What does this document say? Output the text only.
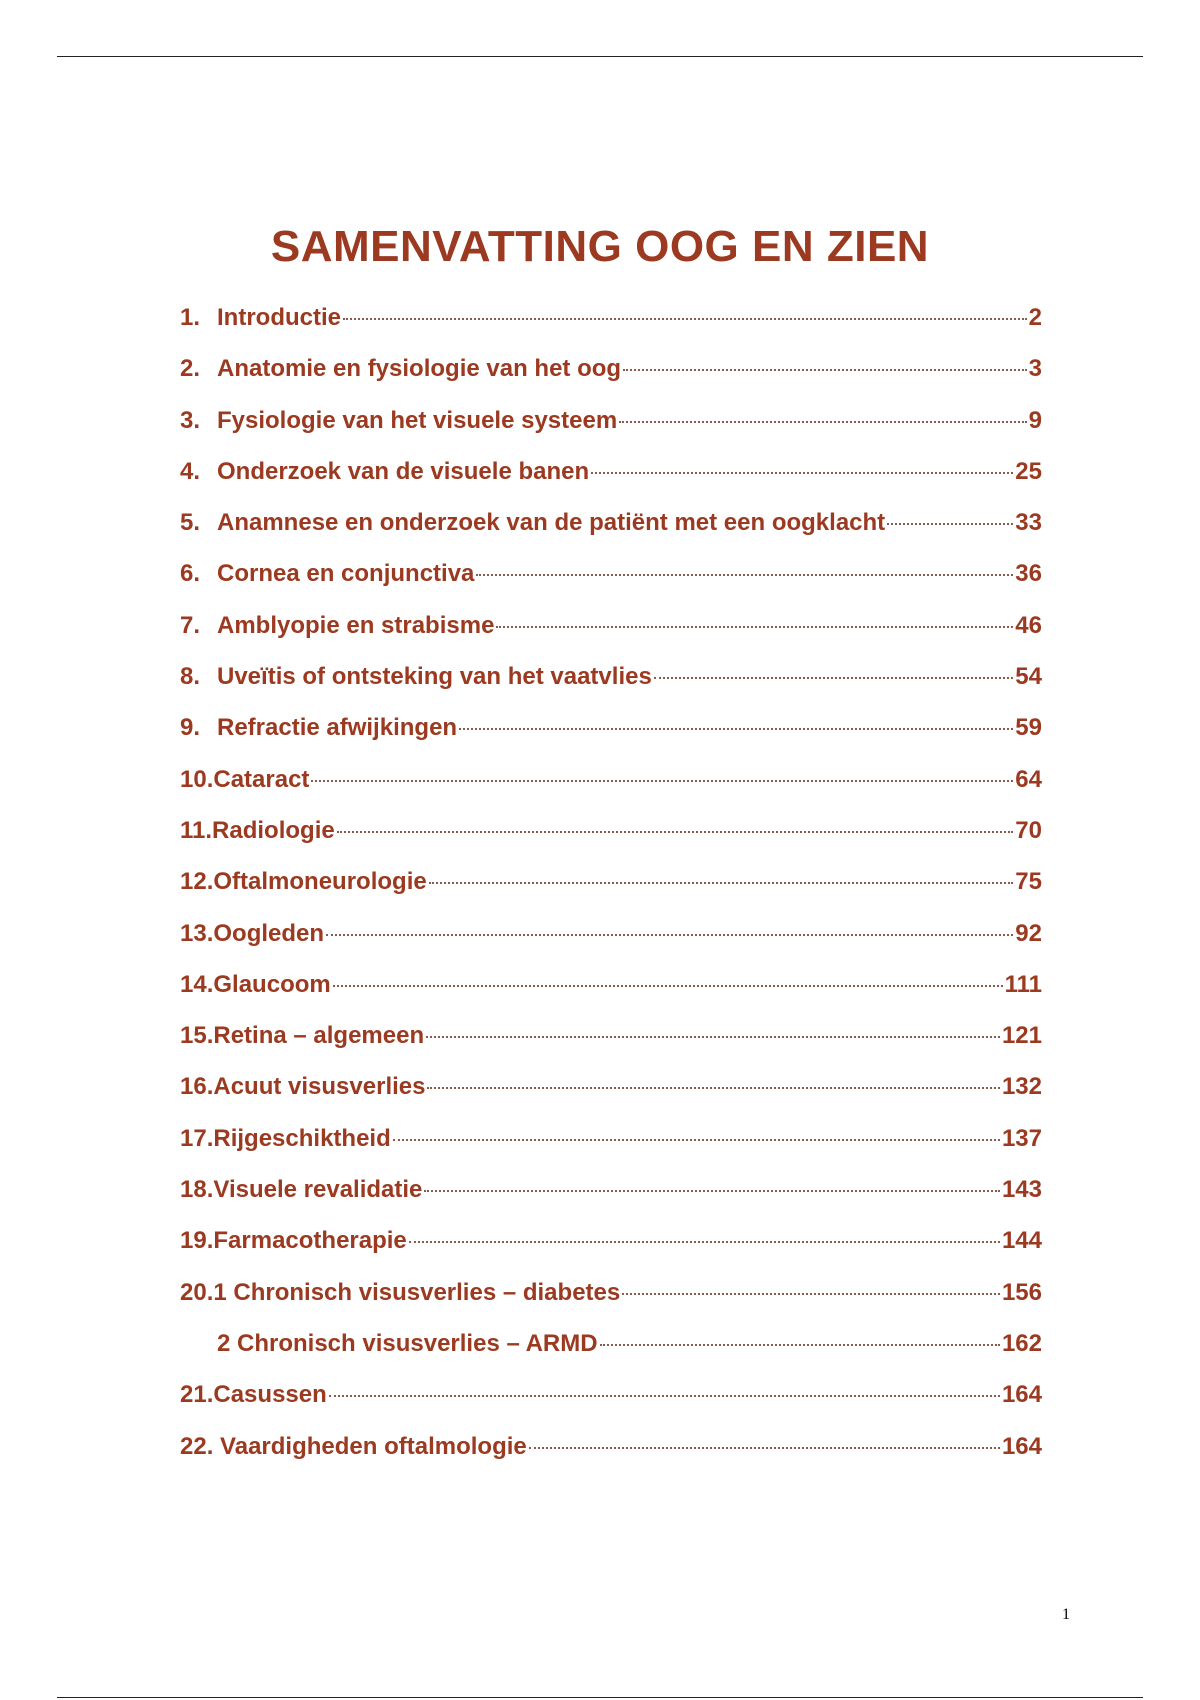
SAMENVATTING OOG EN ZIEN
1. Introductie	2
2. Anatomie en fysiologie van het oog	3
3. Fysiologie van het visuele systeem	9
4. Onderzoek van de visuele banen	25
5. Anamnese en onderzoek van de patiënt met een oogklacht	33
6. Cornea en conjunctiva	36
7. Amblyopie en strabisme	46
8. Uveïtis of ontsteking van het vaatvlies	54
9. Refractie afwijkingen	59
10. Cataract	64
11. Radiologie	70
12. Oftalmoneurologie	75
13. Oogleden	92
14. Glaucoom	111
15. Retina – algemeen	121
16. Acuut visusverlies	132
17. Rijgeschiktheid	137
18. Visuele revalidatie	143
19. Farmacotherapie	144
20.1 Chronisch visusverlies – diabetes	156
2 Chronisch visusverlies – ARMD	162
21. Casussen	164
22. Vaardigheden oftalmologie	164
1
